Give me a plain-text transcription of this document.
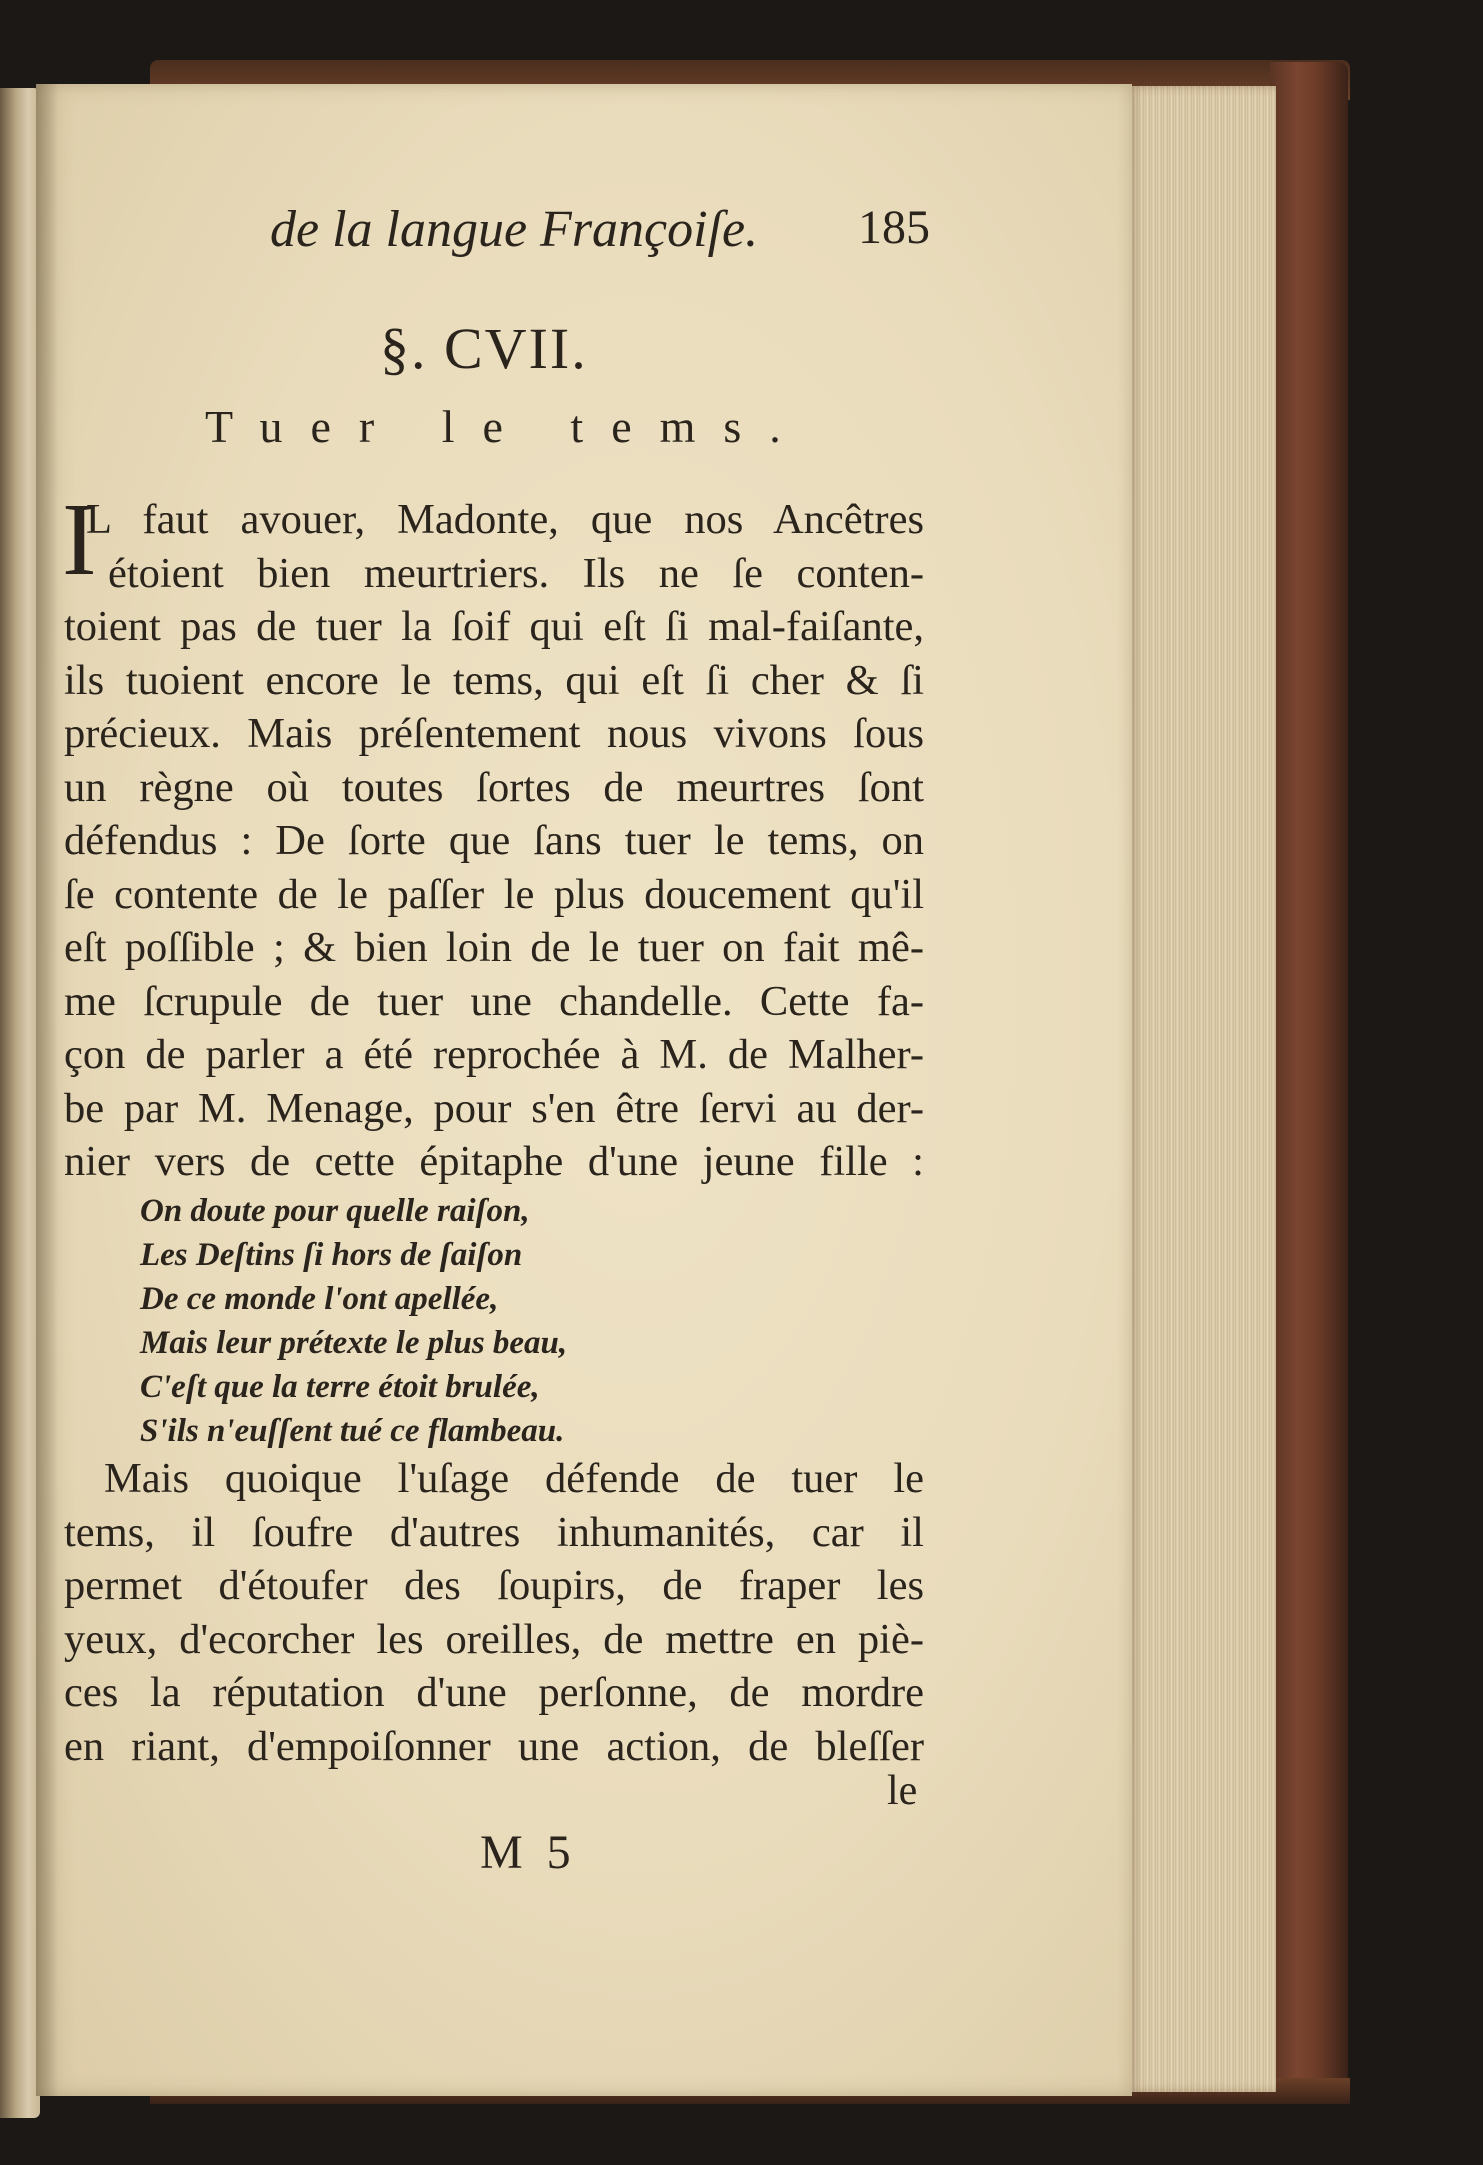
de la langue Françoiſe. 185
§. CVII.
Tuer le tems.
I
L faut avouer, Madonte, que nos Ancêtres
étoient bien meurtriers. Ils ne ſe conten-
toient pas de tuer la ſoif qui eſt ſi mal-faiſante,
ils tuoient encore le tems, qui eſt ſi cher & ſi
précieux. Mais préſentement nous vivons ſous
un règne où toutes ſortes de meurtres ſont
défendus : De ſorte que ſans tuer le tems, on
ſe contente de le paſſer le plus doucement qu'il
eſt poſſible ; & bien loin de le tuer on fait mê-
me ſcrupule de tuer une chandelle. Cette fa-
çon de parler a été reprochée à M. de Malher-
be par M. Menage, pour s'en être ſervi au der-
nier vers de cette épitaphe d'une jeune fille :
On doute pour quelle raiſon,
Les Deſtins ſi hors de ſaiſon
De ce monde l'ont apellée,
Mais leur prétexte le plus beau,
C'eſt que la terre étoit brulée,
S'ils n'euſſent tué ce flambeau.
Mais quoique l'uſage défende de tuer le
tems, il ſoufre d'autres inhumanités, car il
permet d'étoufer des ſoupirs, de fraper les
yeux, d'ecorcher les oreilles, de mettre en piè-
ces la réputation d'une perſonne, de mordre
en riant, d'empoiſonner une action, de bleſſer
le
M 5
